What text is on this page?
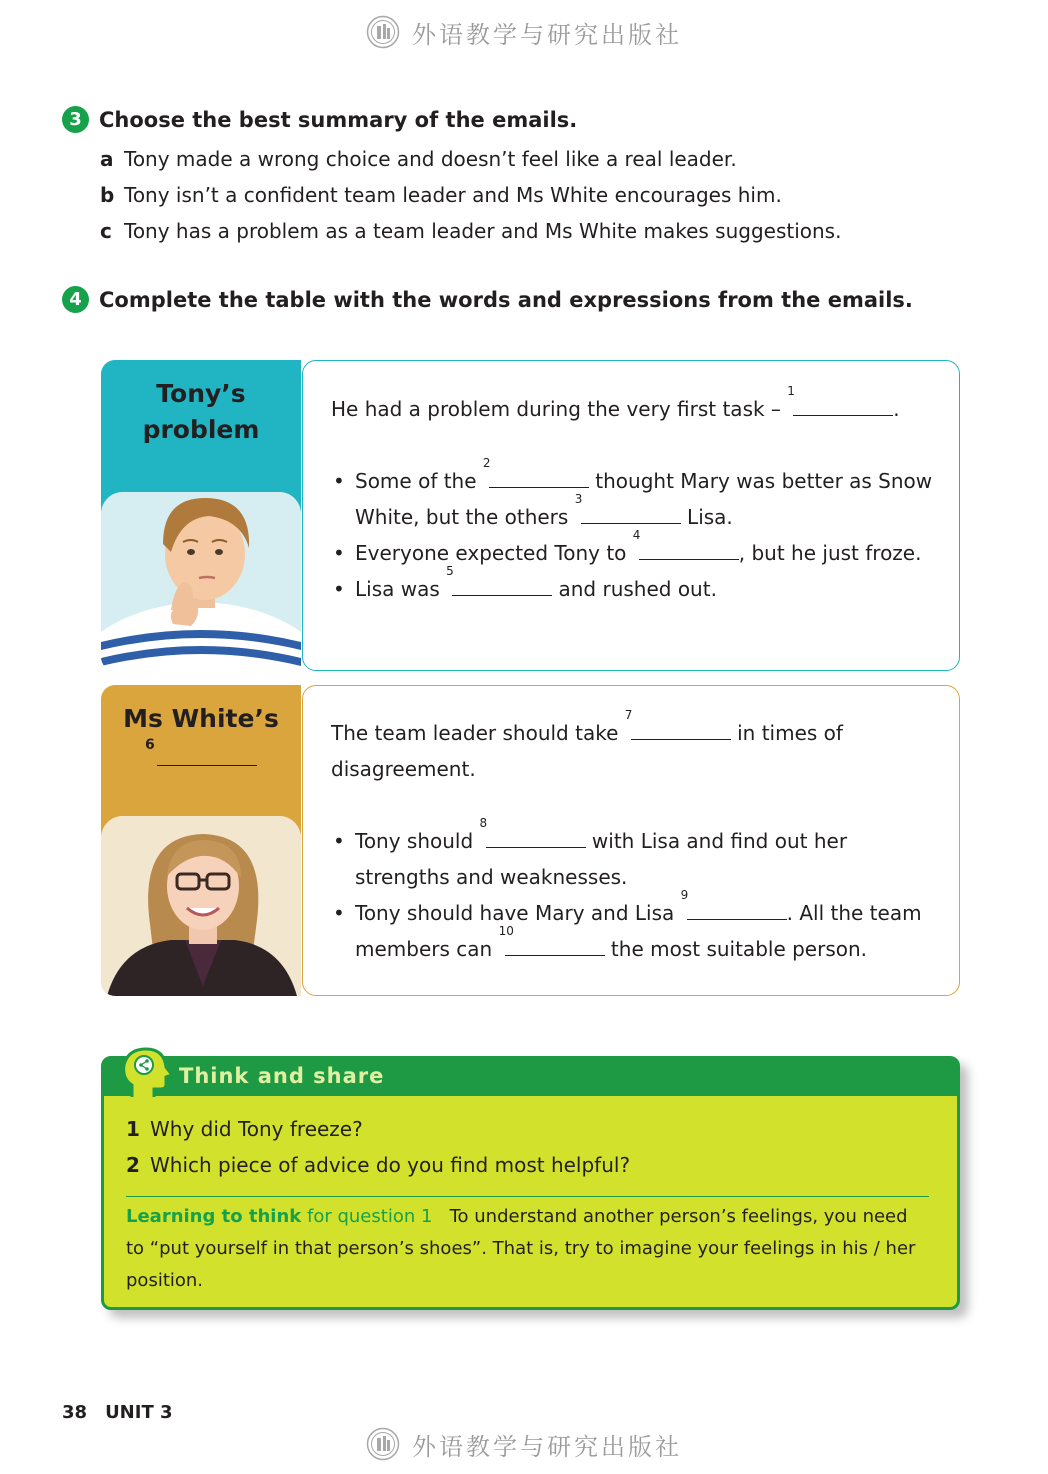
外语教学与研究出版社
3 Choose the best summary of the emails.
a Tony made a wrong choice and doesn’t feel like a real leader.
b Tony isn’t a confident team leader and Ms White encourages him.
c Tony has a problem as a team leader and Ms White makes suggestions.
4 Complete the table with the words and expressions from the emails.
Tony’s
problem
He had a problem during the very first task –
1
.
• Some of the
2
thought Mary was better as Snow White, but the others
3
Lisa.
• Everyone expected Tony to
4
, but he just froze.
• Lisa was
5
and rushed out.
Ms White’s
6	The team leader should take
7
in times of disagreement.
• Tony should
8
with Lisa and find out her strengths and weaknesses.
• Tony should have Mary and Lisa
9
. All the team members can
10
the most suitable person.
Think and share
1 Why did Tony freeze?
2 Which piece of advice do you find most helpful?
Learning to think for question 1 To understand another person’s feelings, you need to “put yourself in that person’s shoes”. That is, try to imagine your feelings in his / her position.
38 UNIT 3
外语教学与研究出版社
